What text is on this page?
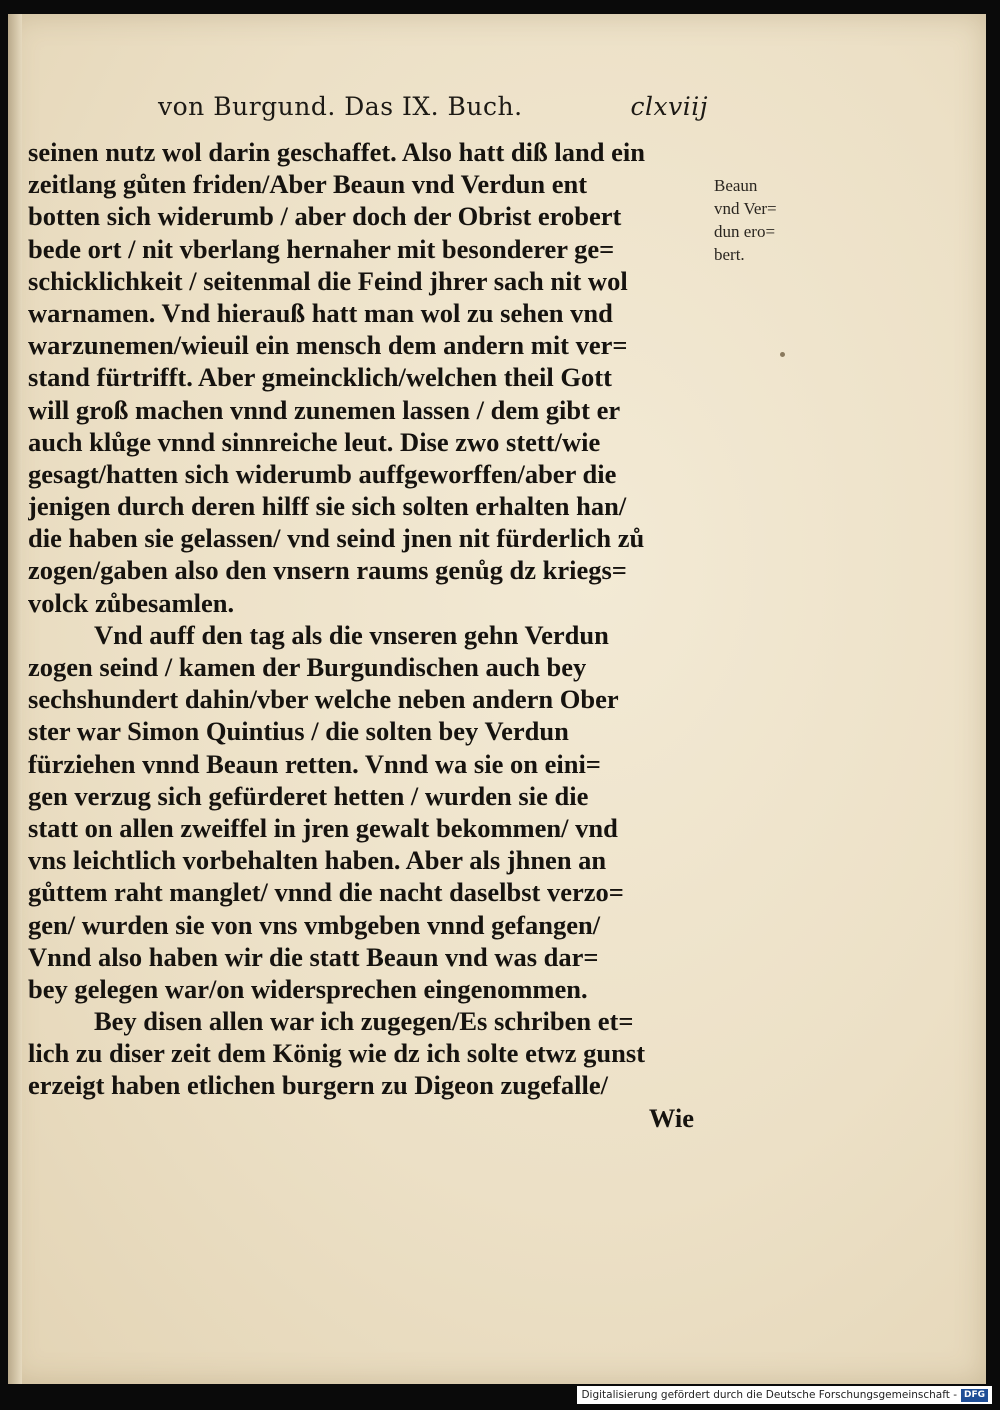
von Burgund. Das IX. Buch.	clxviij
seinen nutz wol darin geschaffet. Also hatt diß land ein
zeitlang gůten friden/Aber Beaun vnd Verdun ent
botten sich widerumb / aber doch der Obrist erobert
bede ort / nit vberlang hernaher mit besonderer ge=
schicklichkeit / seitenmal die Feind jhrer sach nit wol
warnamen. Vnd hierauß hatt man wol zu sehen vnd
warzunemen/wieuil ein mensch dem andern mit ver=
stand fürtrifft. Aber gmeincklich/welchen theil Gott
will groß machen vnnd zunemen lassen / dem gibt er
auch klůge vnnd sinnreiche leut. Dise zwo stett/wie
gesagt/hatten sich widerumb auffgeworffen/aber die
jenigen durch deren hilff sie sich solten erhalten han/
die haben sie gelassen/ vnd seind jnen nit fürderlich zů
zogen/gaben also den vnsern raums genůg dz kriegs=
volck zůbesamlen.
Vnd auff den tag als die vnseren gehn Verdun
zogen seind / kamen der Burgundischen auch bey
sechshundert dahin/vber welche neben andern Ober
ster war Simon Quintius / die solten bey Verdun
fürziehen vnnd Beaun retten. Vnnd wa sie on eini=
gen verzug sich gefürderet hetten / wurden sie die
statt on allen zweiffel in jren gewalt bekommen/ vnd
vns leichtlich vorbehalten haben. Aber als jhnen an
gůttem raht manglet/ vnnd die nacht daselbst verzo=
gen/ wurden sie von vns vmbgeben vnnd gefangen/
Vnnd also haben wir die statt Beaun vnd was dar=
bey gelegen war/on widersprechen eingenommen.
Bey disen allen war ich zugegen/Es schriben et=
lich zu diser zeit dem König wie dz ich solte etwz gunst
erzeigt haben etlichen burgern zu Digeon zugefalle/
Wie
Beaun
vnd Ver=
dun ero=
bert.
Digitalisierung gefördert durch die Deutsche Forschungsgemeinschaft - DFG
